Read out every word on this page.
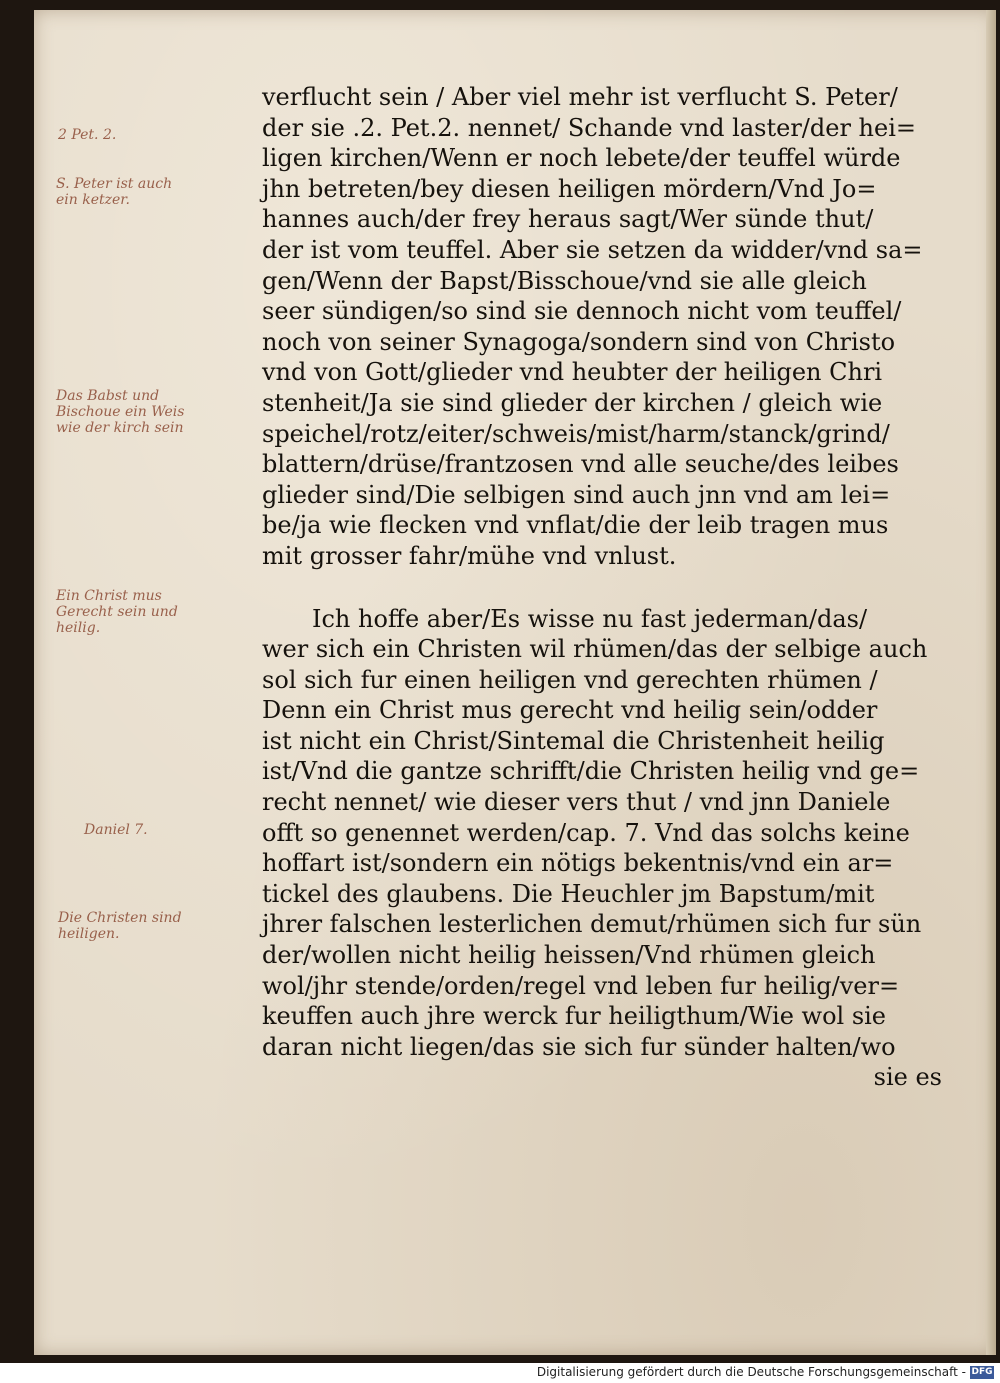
2 Pet. 2.
S. Peter ist auch
ein ketzer.
Das Babst und
Bischoue ein Weis
wie der kirch sein
Ein Christ mus
Gerecht sein und
heilig.
Daniel 7.
Die Christen sind
heiligen.
verflucht sein / Aber viel mehr ist verflucht S. Peter/
der sie .2. Pet.2. nennet/ Schande vnd laster/der hei=
ligen kirchen/Wenn er noch lebete/der teuffel würde
jhn betreten/bey diesen heiligen mördern/Vnd Jo=
hannes auch/der frey heraus sagt/Wer sünde thut/
der ist vom teuffel. Aber sie setzen da widder/vnd sa=
gen/Wenn der Bapst/Bisschoue/vnd sie alle gleich
seer sündigen/so sind sie dennoch nicht vom teuffel/
noch von seiner Synagoga/sondern sind von Christo
vnd von Gott/glieder vnd heubter der heiligen Chri
stenheit/Ja sie sind glieder der kirchen / gleich wie
speichel/rotz/eiter/schweis/mist/harm/stanck/grind/
blattern/drüse/frantzosen vnd alle seuche/des leibes
glieder sind/Die selbigen sind auch jnn vnd am lei=
be/ja wie flecken vnd vnflat/die der leib tragen mus
mit grosser fahr/mühe vnd vnlust.
Ich hoffe aber/Es wisse nu fast jederman/das/
wer sich ein Christen wil rhümen/das der selbige auch
sol sich fur einen heiligen vnd gerechten rhümen /
Denn ein Christ mus gerecht vnd heilig sein/odder
ist nicht ein Christ/Sintemal die Christenheit heilig
ist/Vnd die gantze schrifft/die Christen heilig vnd ge=
recht nennet/ wie dieser vers thut / vnd jnn Daniele
offt so genennet werden/cap. 7. Vnd das solchs keine
hoffart ist/sondern ein nötigs bekentnis/vnd ein ar=
tickel des glaubens. Die Heuchler jm Bapstum/mit
jhrer falschen lesterlichen demut/rhümen sich fur sün
der/wollen nicht heilig heissen/Vnd rhümen gleich
wol/jhr stende/orden/regel vnd leben fur heilig/ver=
keuffen auch jhre werck fur heiligthum/Wie wol sie
daran nicht liegen/das sie sich fur sünder halten/wo
sie es
Digitalisierung gefördert durch die Deutsche Forschungsgemeinschaft - DFG
